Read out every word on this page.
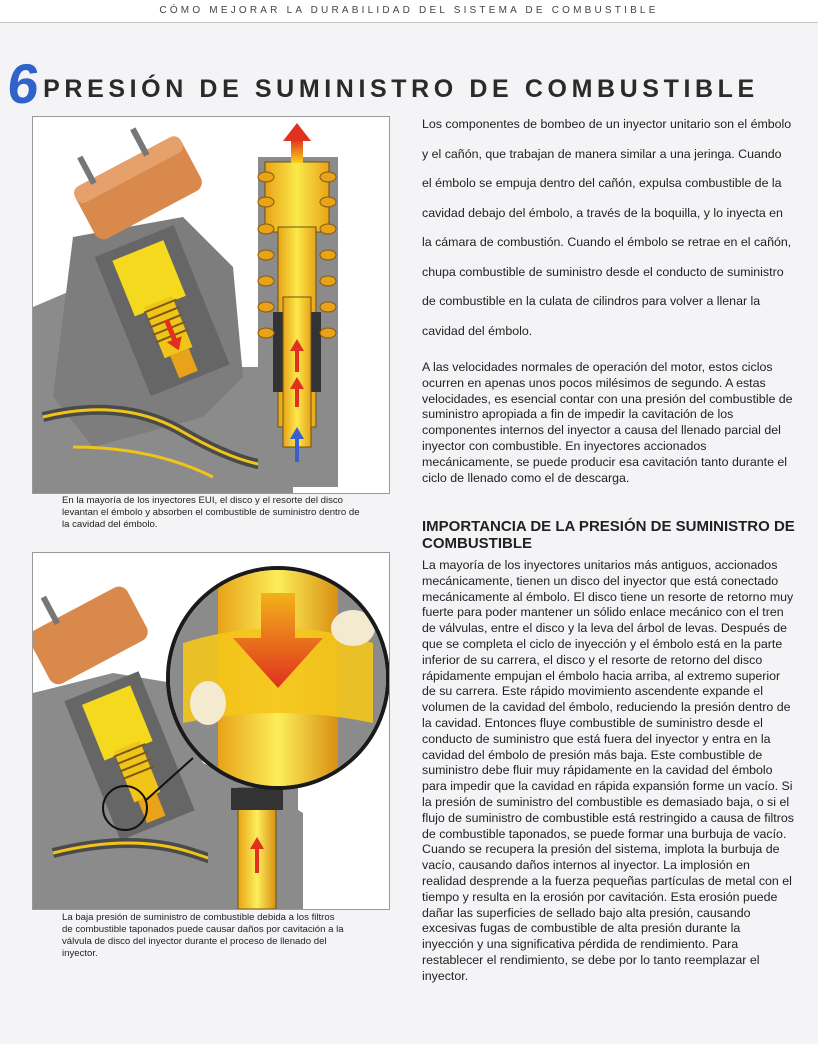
CÓMO MEJORAR LA DURABILIDAD DEL SISTEMA DE COMBUSTIBLE
6 PRESIÓN DE SUMINISTRO DE COMBUSTIBLE
En la mayoría de los inyectores EUI, el disco y el resorte del disco levantan el émbolo y absorben el combustible de suministro dentro de la cavidad del émbolo.
La baja presión de suministro de combustible debida a los filtros de combustible taponados puede causar daños por cavitación a la válvula de disco del inyector durante el proceso de llenado del inyector.
Los componentes de bombeo de un inyector unitario son el émbolo y el cañón, que trabajan de manera similar a una jeringa. Cuando el émbolo se empuja dentro del cañón, expulsa combustible de la cavidad debajo del émbolo, a través de la boquilla, y lo inyecta en la cámara de combustión. Cuando el émbolo se retrae en el cañón, chupa combustible de suministro desde el conducto de suministro de combustible en la culata de cilindros para volver a llenar la cavidad del émbolo.
A las velocidades normales de operación del motor, estos ciclos ocurren en apenas unos pocos milésimos de segundo. A estas velocidades, es esencial contar con una presión del combustible de suministro apropiada a fin de impedir la cavitación de los componentes internos del inyector a causa del llenado parcial del inyector con combustible. En inyectores accionados mecánicamente, se puede producir esa cavitación tanto durante el ciclo de llenado como el de descarga.
IMPORTANCIA DE LA PRESIÓN DE SUMINISTRO DE COMBUSTIBLE
La mayoría de los inyectores unitarios más antiguos, accionados mecánicamente, tienen un disco del inyector que está conectado mecánicamente al émbolo. El disco tiene un resorte de retorno muy fuerte para poder mantener un sólido enlace mecánico con el tren de válvulas, entre el disco y la leva del árbol de levas. Después de que se completa el ciclo de inyección y el émbolo está en la parte inferior de su carrera, el disco y el resorte de retorno del disco rápidamente empujan el émbolo hacia arriba, al extremo superior de su carrera. Este rápido movimiento ascendente expande el volumen de la cavidad del émbolo, reduciendo la presión dentro de la cavidad. Entonces fluye combustible de suministro desde el conducto de suministro que está fuera del inyector y entra en la cavidad del émbolo de presión más baja. Este combustible de suministro debe fluir muy rápidamente en la cavidad del émbolo para impedir que la cavidad en rápida expansión forme un vacío. Si la presión de suministro del combustible es demasiado baja, o si el flujo de suministro de combustible está restringido a causa de filtros de combustible taponados, se puede formar una burbuja de vacío. Cuando se recupera la presión del sistema, implota la burbuja de vacío, causando daños internos al inyector. La implosión en realidad desprende a la fuerza pequeñas partículas de metal con el tiempo y resulta en la erosión por cavitación. Esta erosión puede dañar las superficies de sellado bajo alta presión, causando excesivas fugas de combustible de alta presión durante la inyección y una significativa pérdida de rendimiento. Para restablecer el rendimiento, se debe por lo tanto reemplazar el inyector.
